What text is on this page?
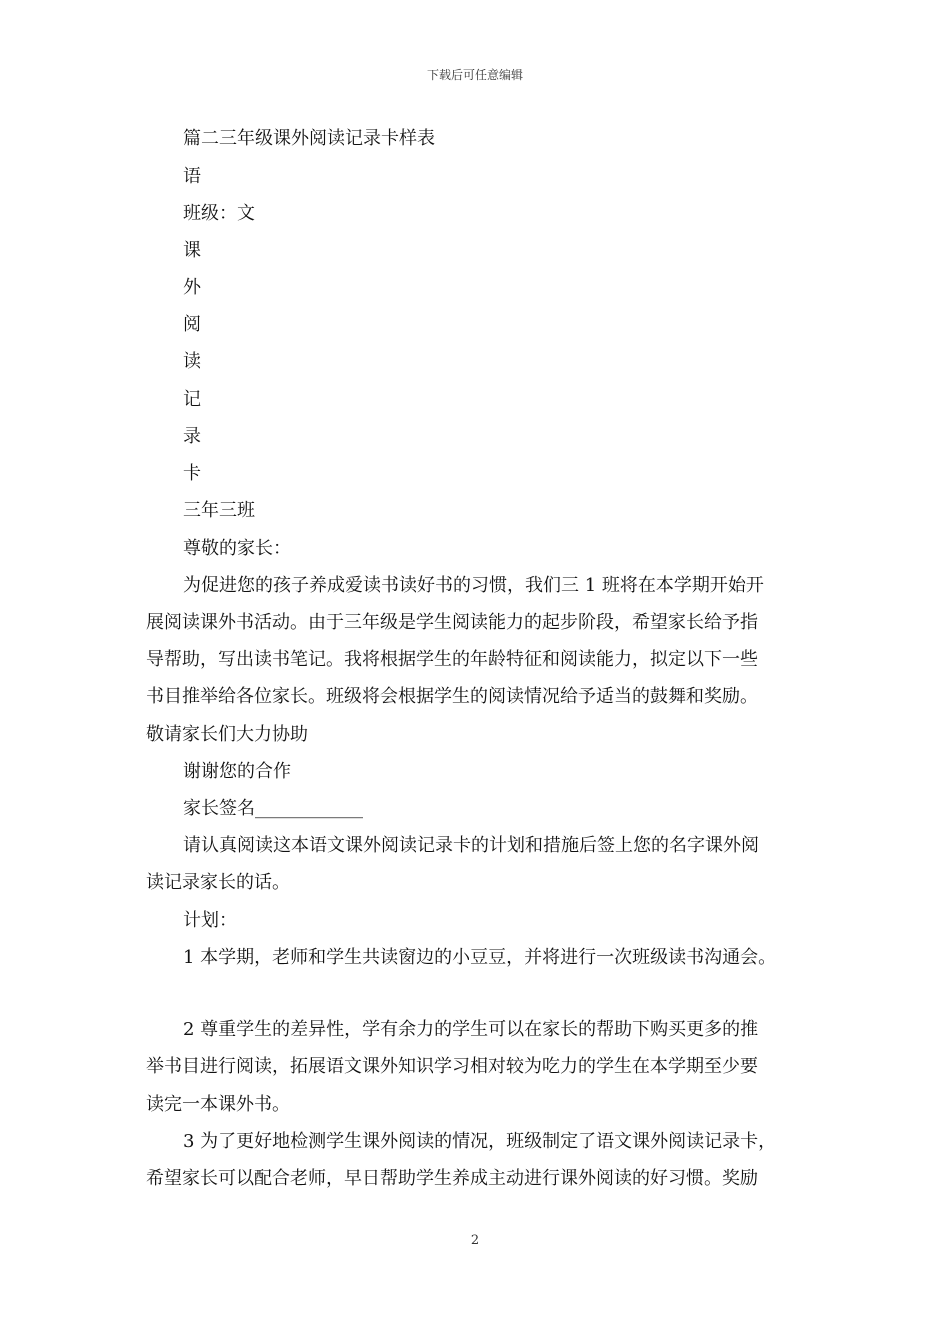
下载后可任意编辑
篇二三年级课外阅读记录卡样表
语
班级：文
课
外
阅
读
记
录
卡
三年三班
尊敬的家长：
为促进您的孩子养成爱读书读好书的习惯，我们三 1 班将在本学期开始开
展阅读课外书活动。由于三年级是学生阅读能力的起步阶段，希望家长给予指
导帮助，写出读书笔记。我将根据学生的年龄特征和阅读能力，拟定以下一些
书目推举给各位家长。班级将会根据学生的阅读情况给予适当的鼓舞和奖励。
敬请家长们大力协助
谢谢您的合作
家长签名____________
请认真阅读这本语文课外阅读记录卡的计划和措施后签上您的名字课外阅
读记录家长的话。
计划：
1 本学期，老师和学生共读窗边的小豆豆，并将进行一次班级读书沟通会。
2 尊重学生的差异性，学有余力的学生可以在家长的帮助下购买更多的推
举书目进行阅读，拓展语文课外知识学习相对较为吃力的学生在本学期至少要
读完一本课外书。
3 为了更好地检测学生课外阅读的情况，班级制定了语文课外阅读记录卡，
希望家长可以配合老师，早日帮助学生养成主动进行课外阅读的好习惯。奖励
2
